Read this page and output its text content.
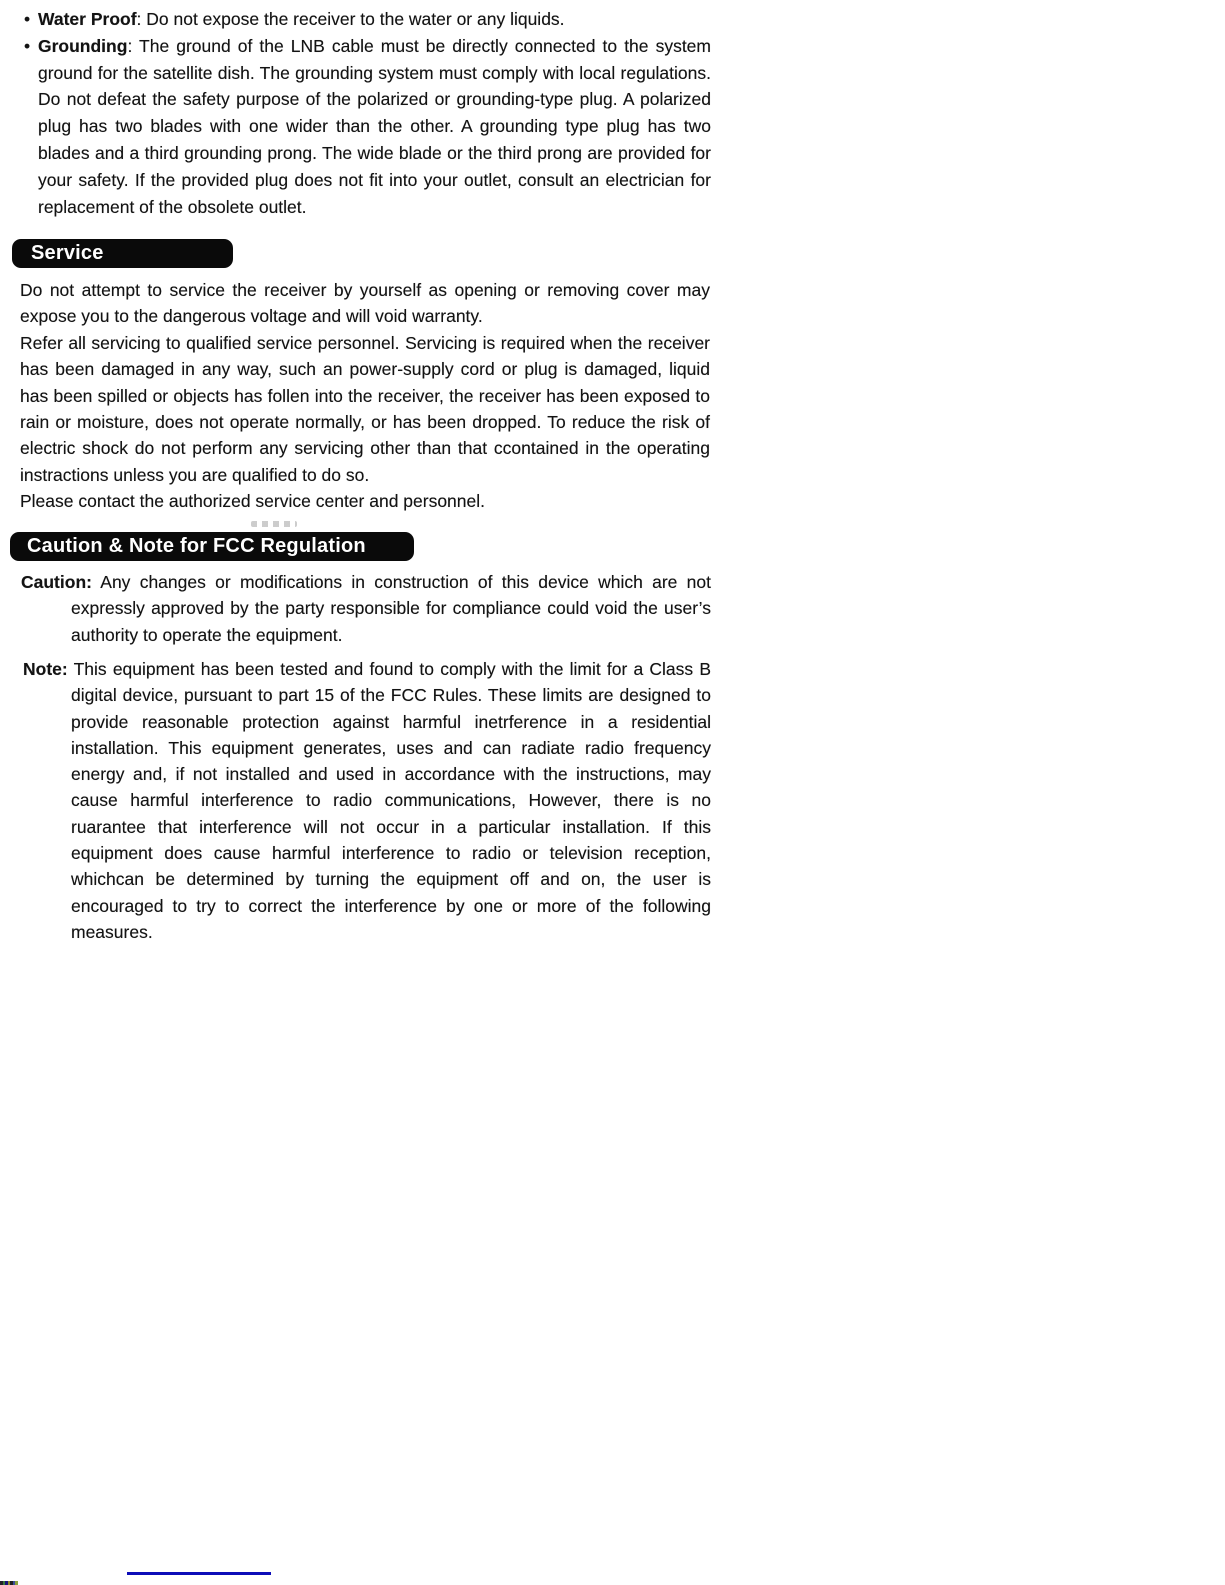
• Water Proof: Do not expose the receiver to the water or any liquids.
• Grounding: The ground of the LNB cable must be directly connected to the system ground for the satellite dish. The grounding system must comply with local regulations. Do not defeat the safety purpose of the polarized or grounding-type plug. A polarized plug has two blades with one wider than the other. A grounding type plug has two blades and a third grounding prong. The wide blade or the third prong are provided for your safety. If the provided plug does not fit into your outlet, consult an electrician for replacement of the obsolete outlet.
Service

Do not attempt to service the receiver by yourself as opening or removing cover may expose you to the dangerous voltage and will void warranty.

Refer all servicing to qualified service personnel. Servicing is required when the receiver has been damaged in any way, such an power-supply cord or plug is damaged, liquid has been spilled or objects has follen into the receiver, the receiver has been exposed to rain or moisture, does not operate normally, or has been dropped. To reduce the risk of electric shock do not perform any servicing other than that ccontained in the operating instractions unless you are qualified to do so.

Please contact the authorized service center and personnel.

Caution & Note for FCC Regulation
Caution: Any changes or modifications in construction of this device which are not expressly approved by the party responsible for compliance could void the user’s authority to operate the equipment.
Note: This equipment has been tested and found to comply with the limit for a Class B digital device, pursuant to part 15 of the FCC Rules. These limits are designed to provide reasonable protection against harmful inetrference in a residential installation. This equipment generates, uses and can radiate radio frequency energy and, if not installed and used in accordance with the instructions, may cause harmful interference to radio communications, However, there is no ruarantee that interference will not occur in a particular installation. If this equipment does cause harmful interference to radio or television reception, whichcan be determined by turning the equipment off and on, the user is encouraged to try to correct the interference by one or more of the following measures.
